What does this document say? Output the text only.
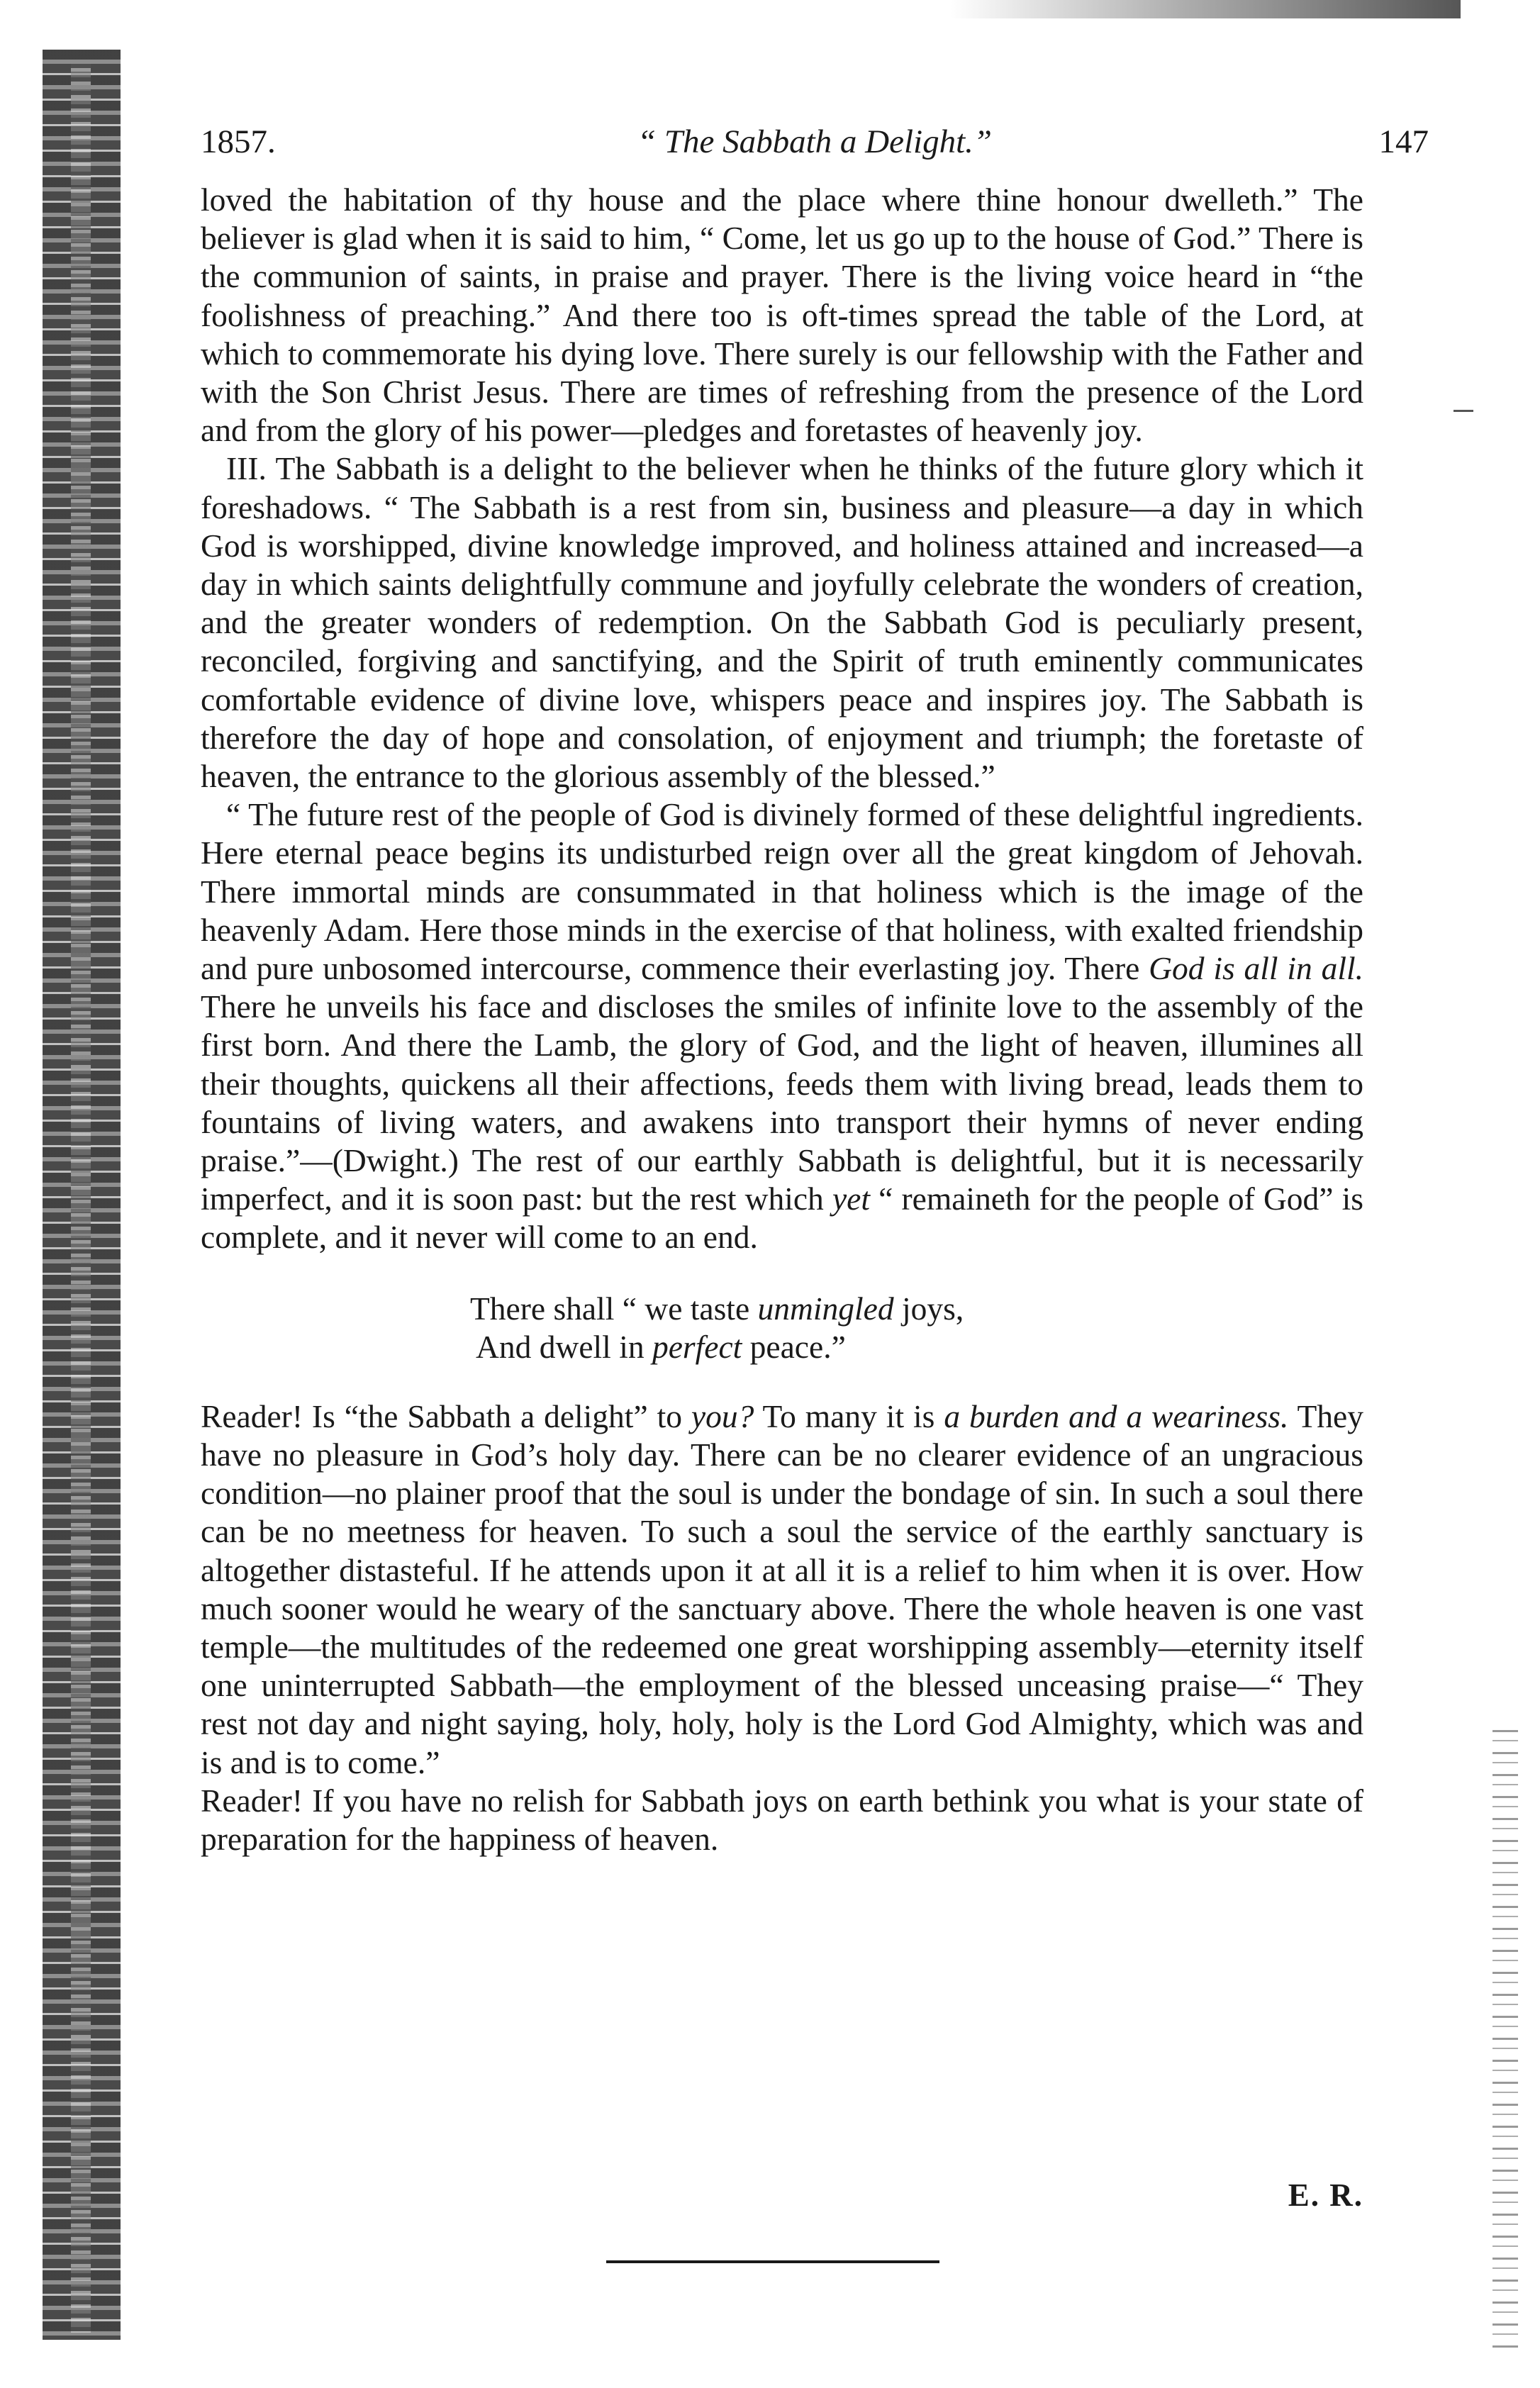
1857.	“ The Sabbath a Delight.”	147

loved the habitation of thy house and the place where thine honour dwelleth.” The believer is glad when it is said to him, “ Come, let us go up to the house of God.” There is the communion of saints, in praise and prayer. There is the living voice heard in “the foolishness of preaching.” And there too is oft-times spread the table of the Lord, at which to commemorate his dying love. There surely is our fellowship with the Father and with the Son Christ Jesus. There are times of refreshing from the presence of the Lord and from the glory of his power—pledges and foretastes of heavenly joy.

III. The Sabbath is a delight to the believer when he thinks of the future glory which it foreshadows. “ The Sabbath is a rest from sin, business and pleasure—a day in which God is worshipped, divine knowledge improved, and holiness attained and increased—a day in which saints delightfully commune and joyfully celebrate the wonders of creation, and the greater wonders of redemption. On the Sabbath God is peculiarly present, reconciled, forgiving and sanctifying, and the Spirit of truth eminently communicates comfortable evidence of divine love, whispers peace and inspires joy. The Sabbath is therefore the day of hope and consolation, of enjoyment and triumph; the foretaste of heaven, the entrance to the glorious assembly of the blessed.”

“ The future rest of the people of God is divinely formed of these delightful ingredients. Here eternal peace begins its undisturbed reign over all the great kingdom of Jehovah. There immortal minds are consummated in that holiness which is the image of the heavenly Adam. Here those minds in the exercise of that holiness, with exalted friendship and pure unbosomed intercourse, commence their everlasting joy. There God is all in all. There he unveils his face and discloses the smiles of infinite love to the assembly of the first born. And there the Lamb, the glory of God, and the light of heaven, illumines all their thoughts, quickens all their affections, feeds them with living bread, leads them to fountains of living waters, and awakens into transport their hymns of never ending praise.”—(Dwight.) The rest of our earthly Sabbath is delightful, but it is necessarily imperfect, and it is soon past: but the rest which yet “ remaineth for the people of God” is complete, and it never will come to an end.

There shall “ we taste unmingled joys,
And dwell in perfect peace.”

Reader! Is “the Sabbath a delight” to you? To many it is a burden and a weariness. They have no pleasure in God’s holy day. There can be no clearer evidence of an ungracious condition—no plainer proof that the soul is under the bondage of sin. In such a soul there can be no meetness for heaven. To such a soul the service of the earthly sanctuary is altogether distasteful. If he attends upon it at all it is a relief to him when it is over. How much sooner would he weary of the sanctuary above. There the whole heaven is one vast temple—the multitudes of the redeemed one great worshipping assembly—eternity itself one uninterrupted Sabbath—the employment of the blessed unceasing praise—“ They rest not day and night saying, holy, holy, holy is the Lord God Almighty, which was and is and is to come.”

Reader! If you have no relish for Sabbath joys on earth bethink you what is your state of preparation for the happiness of heaven.

E. R.
